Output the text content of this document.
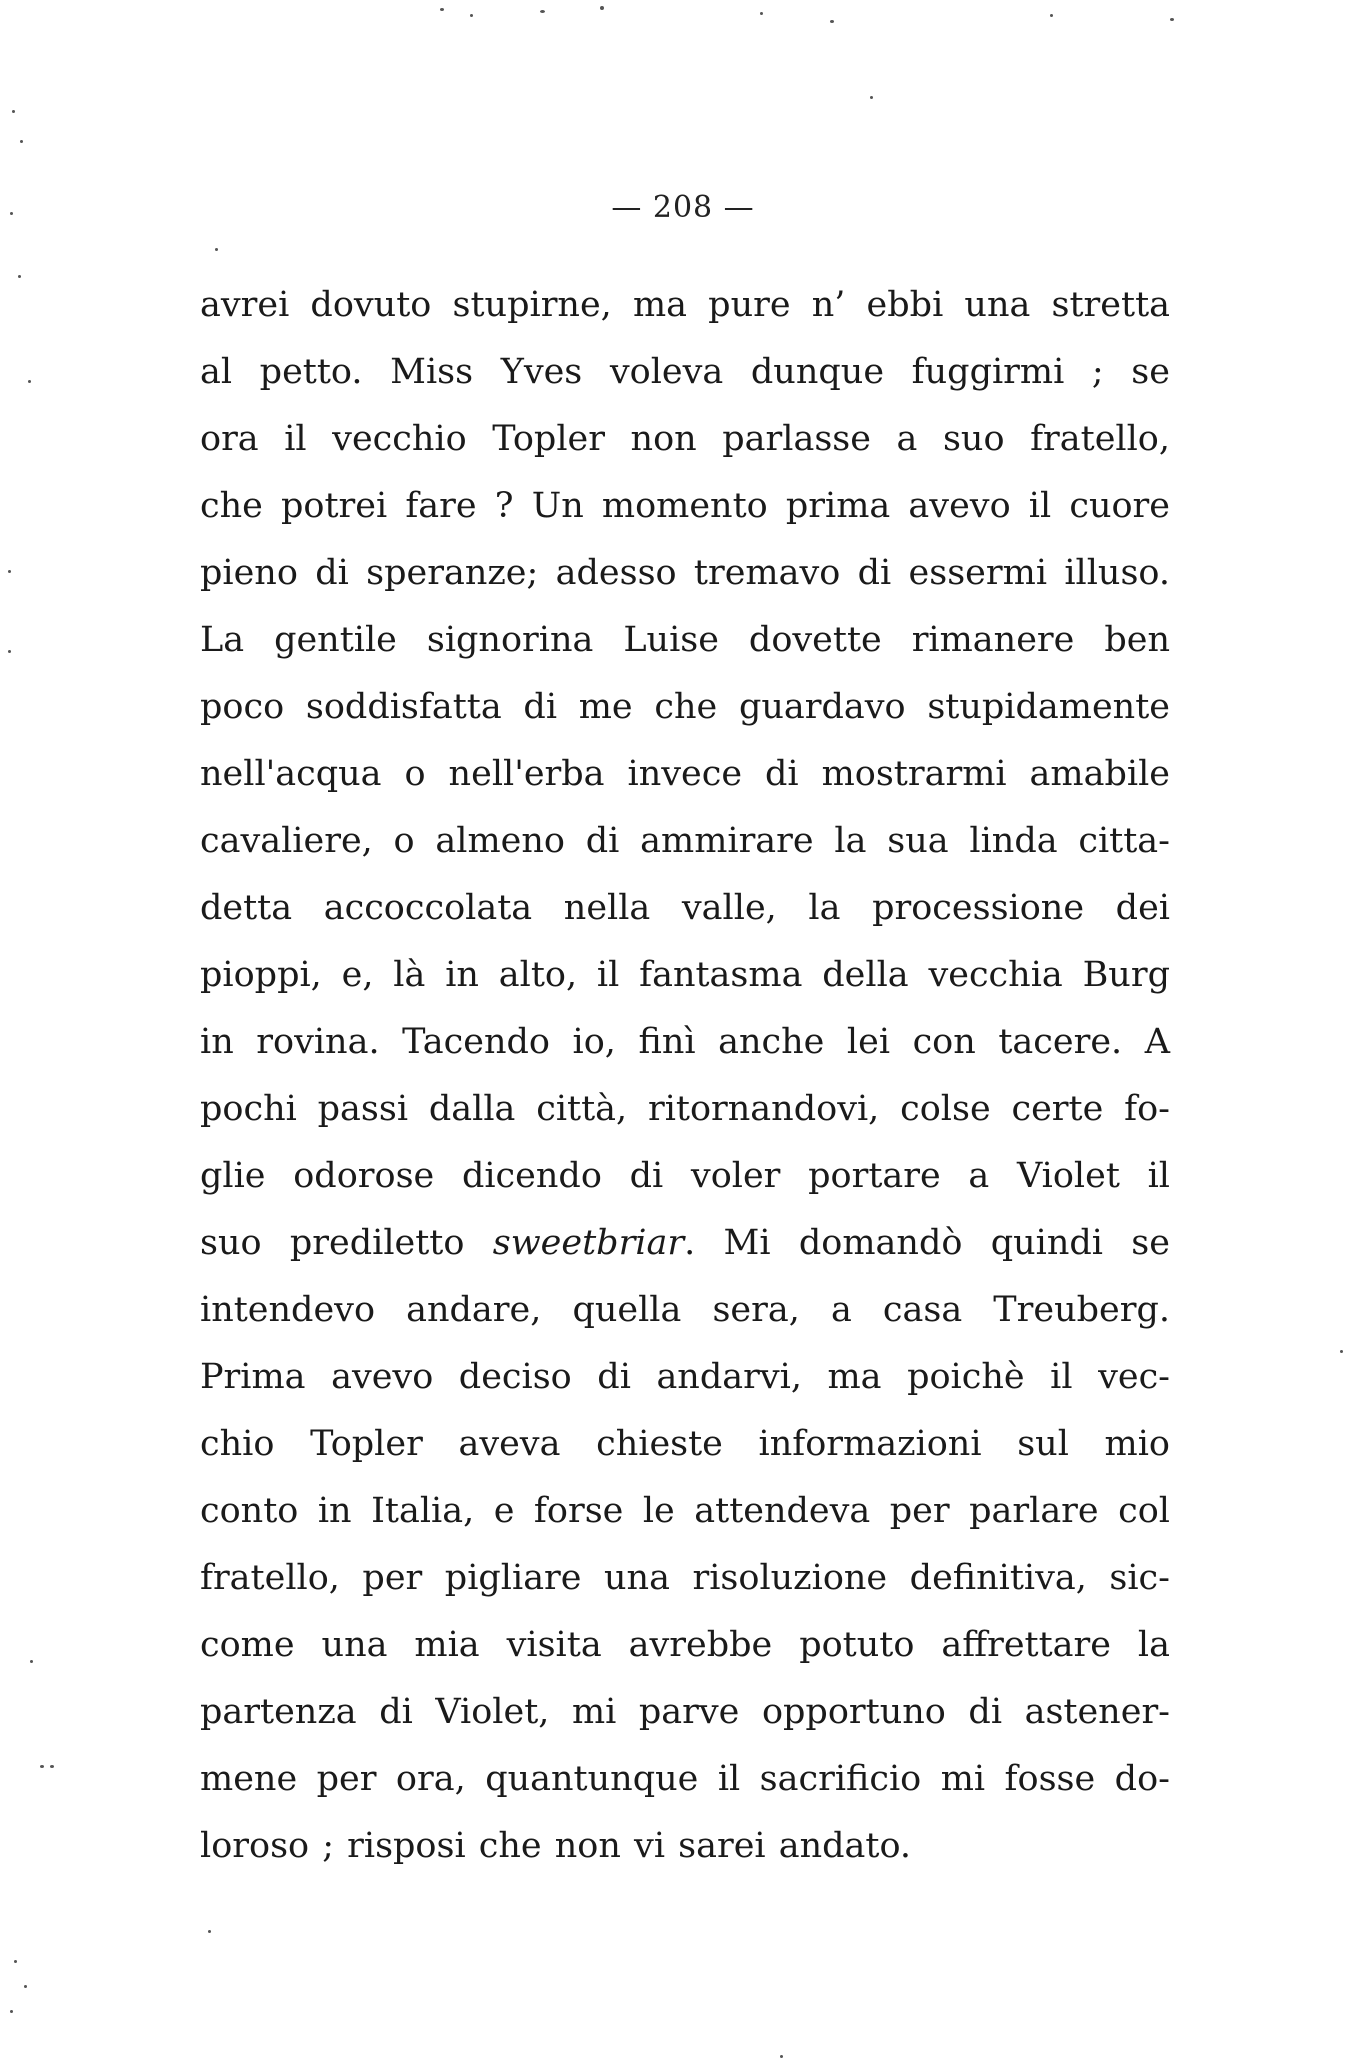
— 208 —
avrei dovuto stupirne, ma pure n’ ebbi una stretta
al petto. Miss Yves voleva dunque fuggirmi ; se
ora il vecchio Topler non parlasse a suo fratello,
che potrei fare ? Un momento prima avevo il cuore
pieno di speranze; adesso tremavo di essermi illuso.
La gentile signorina Luise dovette rimanere ben
poco soddisfatta di me che guardavo stupidamente
nell'acqua o nell'erba invece di mostrarmi amabile
cavaliere, o almeno di ammirare la sua linda citta-
detta accoccolata nella valle, la processione dei
pioppi, e, là in alto, il fantasma della vecchia Burg
in rovina. Tacendo io, finì anche lei con tacere. A
pochi passi dalla città, ritornandovi, colse certe fo-
glie odorose dicendo di voler portare a Violet il
suo prediletto sweetbriar. Mi domandò quindi se
intendevo andare, quella sera, a casa Treuberg.
Prima avevo deciso di andarvi, ma poichè il vec-
chio Topler aveva chieste informazioni sul mio
conto in Italia, e forse le attendeva per parlare col
fratello, per pigliare una risoluzione definitiva, sic-
come una mia visita avrebbe potuto affrettare la
partenza di Violet, mi parve opportuno di astener-
mene per ora, quantunque il sacrificio mi fosse do-
loroso ; risposi che non vi sarei andato.
